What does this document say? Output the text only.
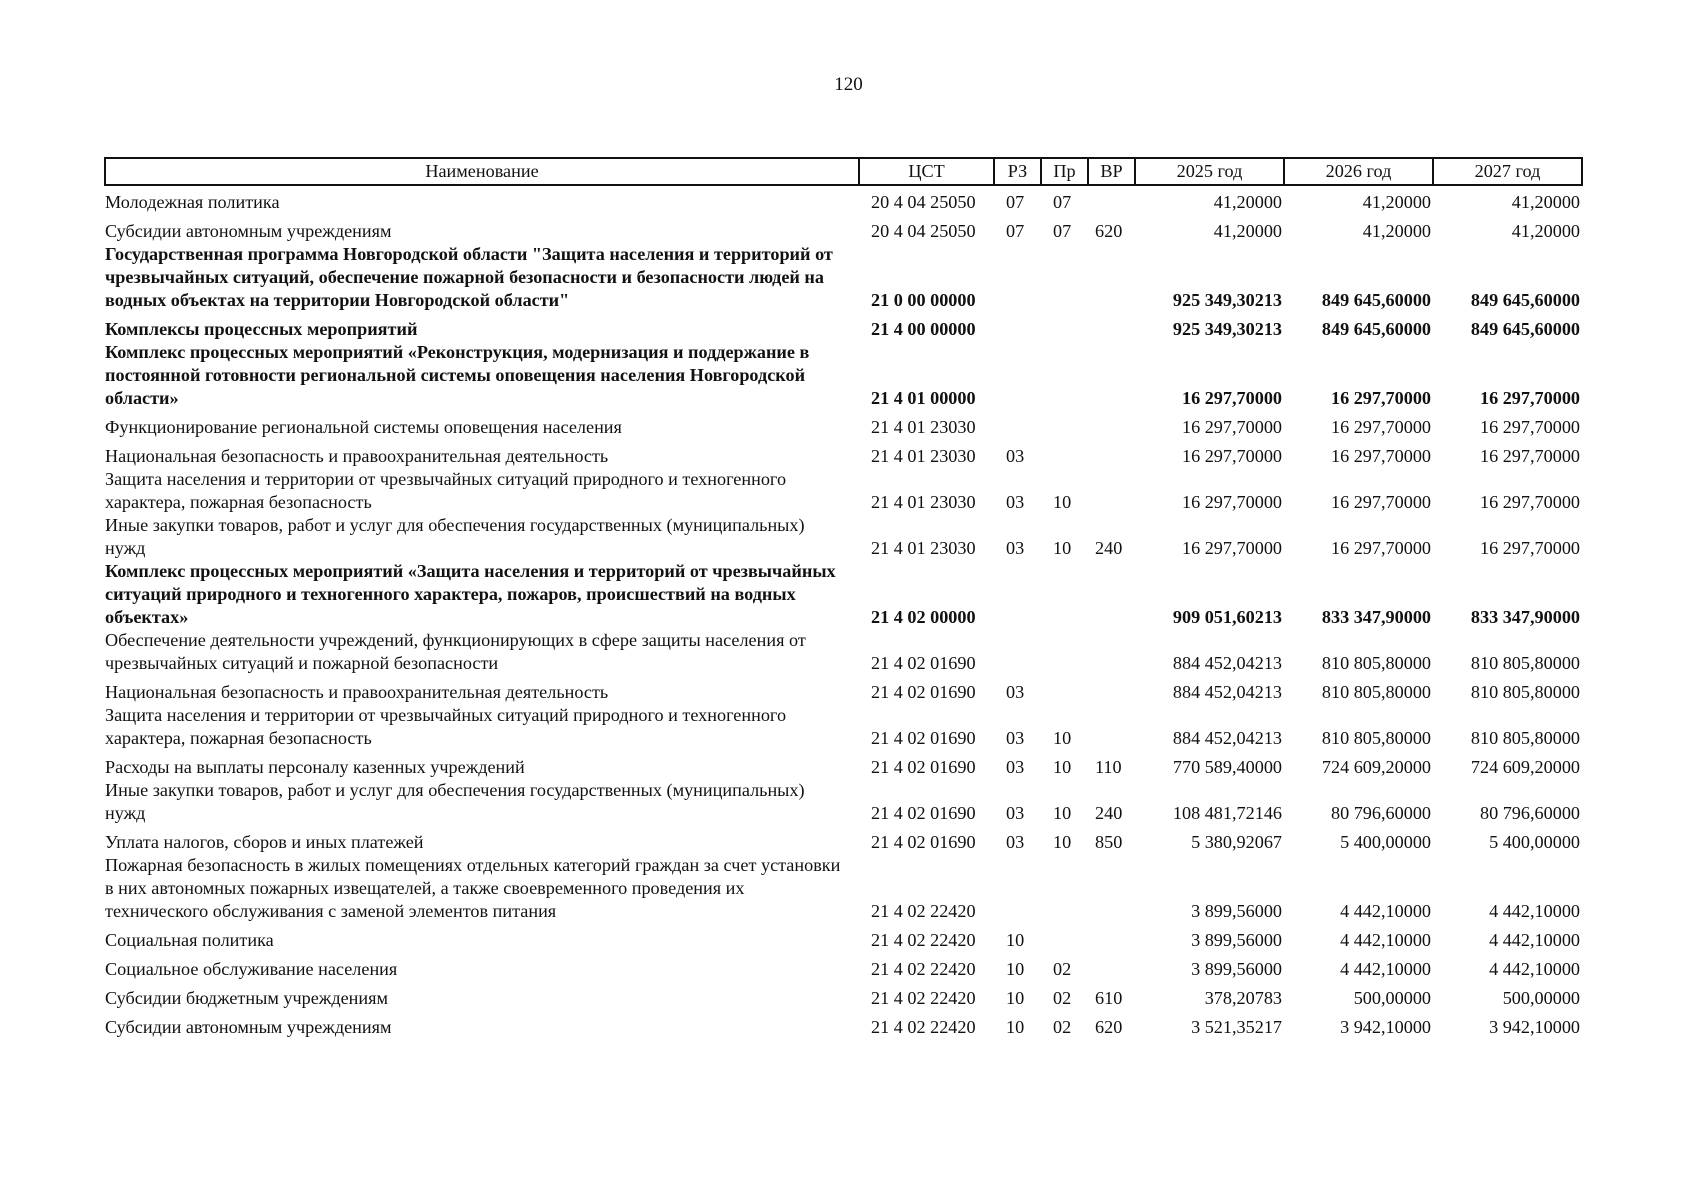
120
Наименование	ЦСТ	РЗ	Пр	ВР	2025 год	2026 год	2027 год
Молодежная политика	20 4 04 25050	07	07		41,20000	41,20000	41,20000
Субсидии автономным учреждениям	20 4 04 25050	07	07	620	41,20000	41,20000	41,20000
Государственная программа Новгородской области "Защита населения и территорий от чрезвычайных ситуаций, обеспечение пожарной безопасности и безопасности людей на водных объектах на территории Новгородской области"	21 0 00 00000				925 349,30213	849 645,60000	849 645,60000
Комплексы процессных мероприятий	21 4 00 00000				925 349,30213	849 645,60000	849 645,60000
Комплекс процессных мероприятий «Реконструкция, модернизация и поддержание в постоянной готовности региональной системы оповещения населения Новгородской области»	21 4 01 00000				16 297,70000	16 297,70000	16 297,70000
Функционирование региональной системы оповещения населения	21 4 01 23030				16 297,70000	16 297,70000	16 297,70000
Национальная безопасность и правоохранительная деятельность	21 4 01 23030	03			16 297,70000	16 297,70000	16 297,70000
Защита населения и территории от чрезвычайных ситуаций природного и техногенного характера, пожарная безопасность	21 4 01 23030	03	10		16 297,70000	16 297,70000	16 297,70000
Иные закупки товаров, работ и услуг для обеспечения государственных (муниципальных) нужд	21 4 01 23030	03	10	240	16 297,70000	16 297,70000	16 297,70000
Комплекс процессных мероприятий «Защита населения и территорий от чрезвычайных ситуаций природного и техногенного характера, пожаров, происшествий на водных объектах»	21 4 02 00000				909 051,60213	833 347,90000	833 347,90000
Обеспечение деятельности учреждений, функционирующих в сфере защиты населения от чрезвычайных ситуаций и пожарной безопасности	21 4 02 01690				884 452,04213	810 805,80000	810 805,80000
Национальная безопасность и правоохранительная деятельность	21 4 02 01690	03			884 452,04213	810 805,80000	810 805,80000
Защита населения и территории от чрезвычайных ситуаций природного и техногенного характера, пожарная безопасность	21 4 02 01690	03	10		884 452,04213	810 805,80000	810 805,80000
Расходы на выплаты персоналу казенных учреждений	21 4 02 01690	03	10	110	770 589,40000	724 609,20000	724 609,20000
Иные закупки товаров, работ и услуг для обеспечения государственных (муниципальных) нужд	21 4 02 01690	03	10	240	108 481,72146	80 796,60000	80 796,60000
Уплата налогов, сборов и иных платежей	21 4 02 01690	03	10	850	5 380,92067	5 400,00000	5 400,00000
Пожарная безопасность в жилых помещениях отдельных категорий граждан за счет установки в них автономных пожарных извещателей, а также своевременного проведения их технического обслуживания с заменой элементов питания	21 4 02 22420				3 899,56000	4 442,10000	4 442,10000
Социальная политика	21 4 02 22420	10			3 899,56000	4 442,10000	4 442,10000
Социальное обслуживание населения	21 4 02 22420	10	02		3 899,56000	4 442,10000	4 442,10000
Субсидии бюджетным учреждениям	21 4 02 22420	10	02	610	378,20783	500,00000	500,00000
Субсидии автономным учреждениям	21 4 02 22420	10	02	620	3 521,35217	3 942,10000	3 942,10000
